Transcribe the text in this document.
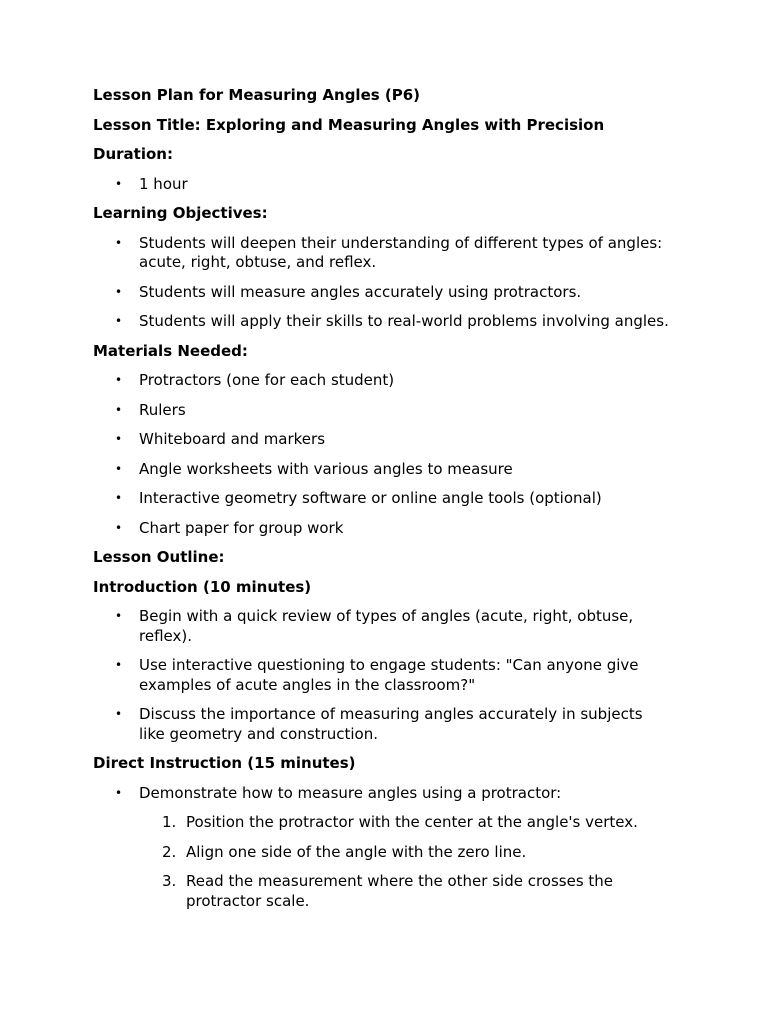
Lesson Plan for Measuring Angles (P6)

Lesson Title: Exploring and Measuring Angles with Precision

Duration:

• 1 hour

Learning Objectives:

• Students will deepen their understanding of different types of angles: acute, right, obtuse, and reflex.
• Students will measure angles accurately using protractors.
• Students will apply their skills to real-world problems involving angles.

Materials Needed:

• Protractors (one for each student)
• Rulers
• Whiteboard and markers
• Angle worksheets with various angles to measure
• Interactive geometry software or online angle tools (optional)
• Chart paper for group work

Lesson Outline:

Introduction (10 minutes)

• Begin with a quick review of types of angles (acute, right, obtuse, reflex).
• Use interactive questioning to engage students: "Can anyone give examples of acute angles in the classroom?"
• Discuss the importance of measuring angles accurately in subjects like geometry and construction.

Direct Instruction (15 minutes)

• Demonstrate how to measure angles using a protractor:
1. Position the protractor with the center at the angle's vertex.
2. Align one side of the angle with the zero line.
3. Read the measurement where the other side crosses the protractor scale.
